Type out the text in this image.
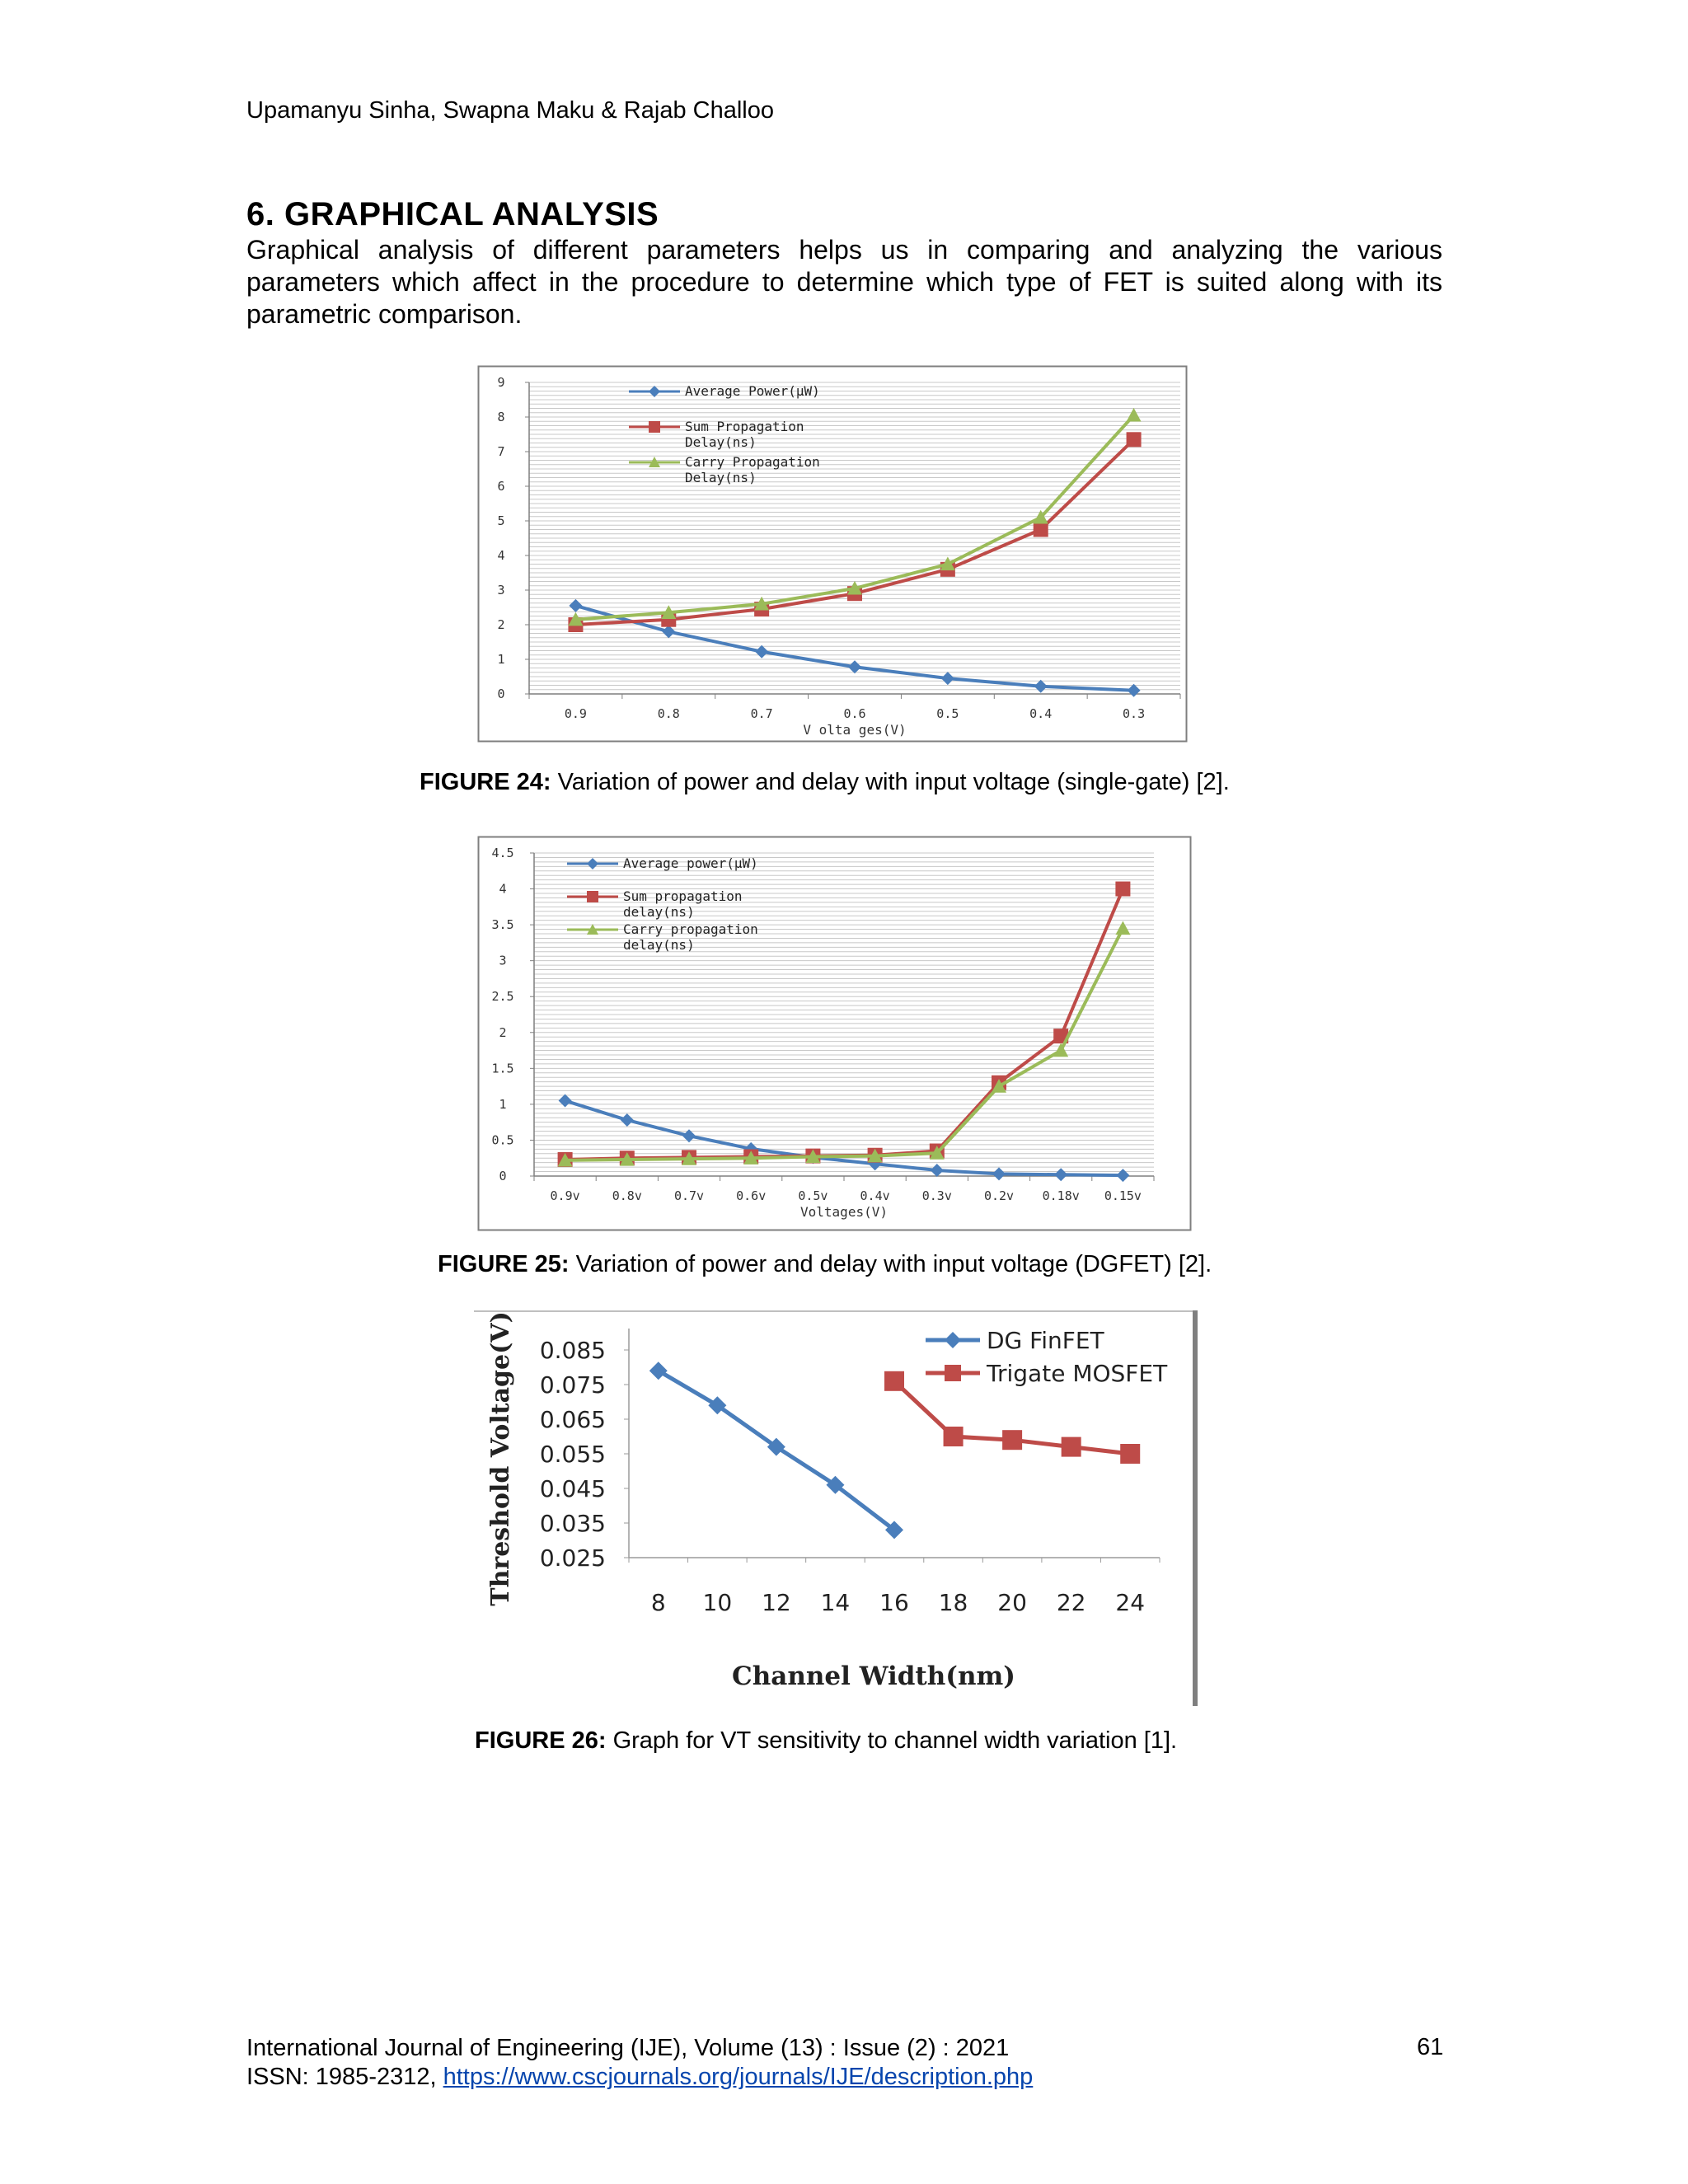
Upamanyu Sinha, Swapna Maku & Rajab Challoo
6. GRAPHICAL ANALYSIS
Graphical analysis of different parameters helps us in comparing and analyzing the various parameters which affect in the procedure to determine which type of FET is suited along with its parametric comparison.
0
1
2
3
4
5
6
7
8
9
0.9	0.8	0.7	0.6	0.5	0.4	0.3
V olta ges(V)
Average Power(µW)
Sum Propagation Delay(ns)
Carry Propagation Delay(ns)
FIGURE 24: Variation of power and delay with input voltage (single-gate) [2].
0
0.5
1
1.5
2
2.5
3
3.5
4
4.5
0.9v	0.8v	0.7v	0.6v	0.5v	0.4v	0.3v	0.2v 0.18v 0.15v
Voltages(V)
Average power(µW)
Sum propagation delay(ns)
Carry propagation delay(ns)
FIGURE 25: Variation of power and delay with input voltage (DGFET) [2].
0.025
0.035
0.045
0.055
0.065
0.075
0.085
8 10 12 14 16 18 20 22 24
Channel Width(nm)
Threshold Voltage(V)	DG FinFET
Trigate MOSFET
FIGURE 26: Graph for VT sensitivity to channel width variation [1].
International Journal of Engineering (IJE), Volume (13) : Issue (2) : 2021
ISSN: 1985-2312, https://www.cscjournals.org/journals/IJE/description.php
61
